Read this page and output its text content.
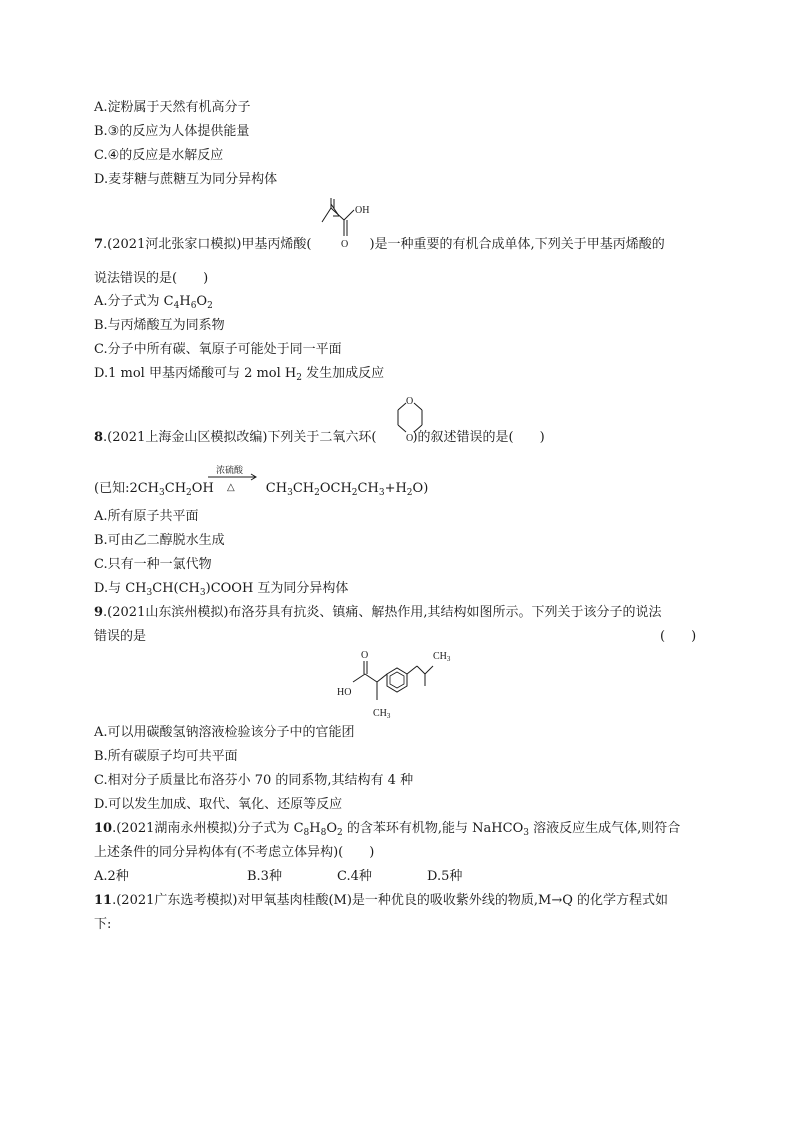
A.淀粉属于天然有机高分子
B.③的反应为人体提供能量
C.④的反应是水解反应
D.麦芽糖与蔗糖互为同分异构体
7.(2021河北张家口模拟)甲基丙烯酸(	)是一种重要的有机合成单体,下列关于甲基丙烯酸的
OH
O
说法错误的是(　　)
A.分子式为 $C_4H_6O_2$
B.与丙烯酸互为同系物
C.分子中所有碳、氧原子可能处于同一平面
D.1 mol 甲基丙烯酸可与 2 mol $H_2$ 发生加成反应
8.(2021上海金山区模拟改编)下列关于二氧六环(	)的叙述错误的是(　　)
O
O
(已知$:2CH_3CH_2OH$	$CH_3CH_2OCH_2CH_3+H_2O$)
浓硫酸
△
A.所有原子共平面
B.可由乙二醇脱水生成
C.只有一种一氯代物
D.与 $CH_3CH(CH_3)COOH$ 互为同分异构体
9.(2021山东滨州模拟)布洛芬具有抗炎、镇痛、解热作用,其结构如图所示。下列关于该分子的说法
错误的是	(　　)
O
HO
$CH_3$
$CH_3$
A.可以用碳酸氢钠溶液检验该分子中的官能团
B.所有碳原子均可共平面
C.相对分子质量比布洛芬小 70 的同系物,其结构有 4 种
D.可以发生加成、取代、氧化、还原等反应
10.(2021湖南永州模拟)分子式为 $C_8H_8O_2$ 的含苯环有机物,能与 NaHCO$_3$ 溶液反应生成气体,则符合
上述条件的同分异构体有(不考虑立体异构)(　　)
A.2种	B.3种	C.4种	D.5种
11.(2021广东选考模拟)对甲氧基肉桂酸(M)是一种优良的吸收紫外线的物质,M→Q 的化学方程式如
下:
